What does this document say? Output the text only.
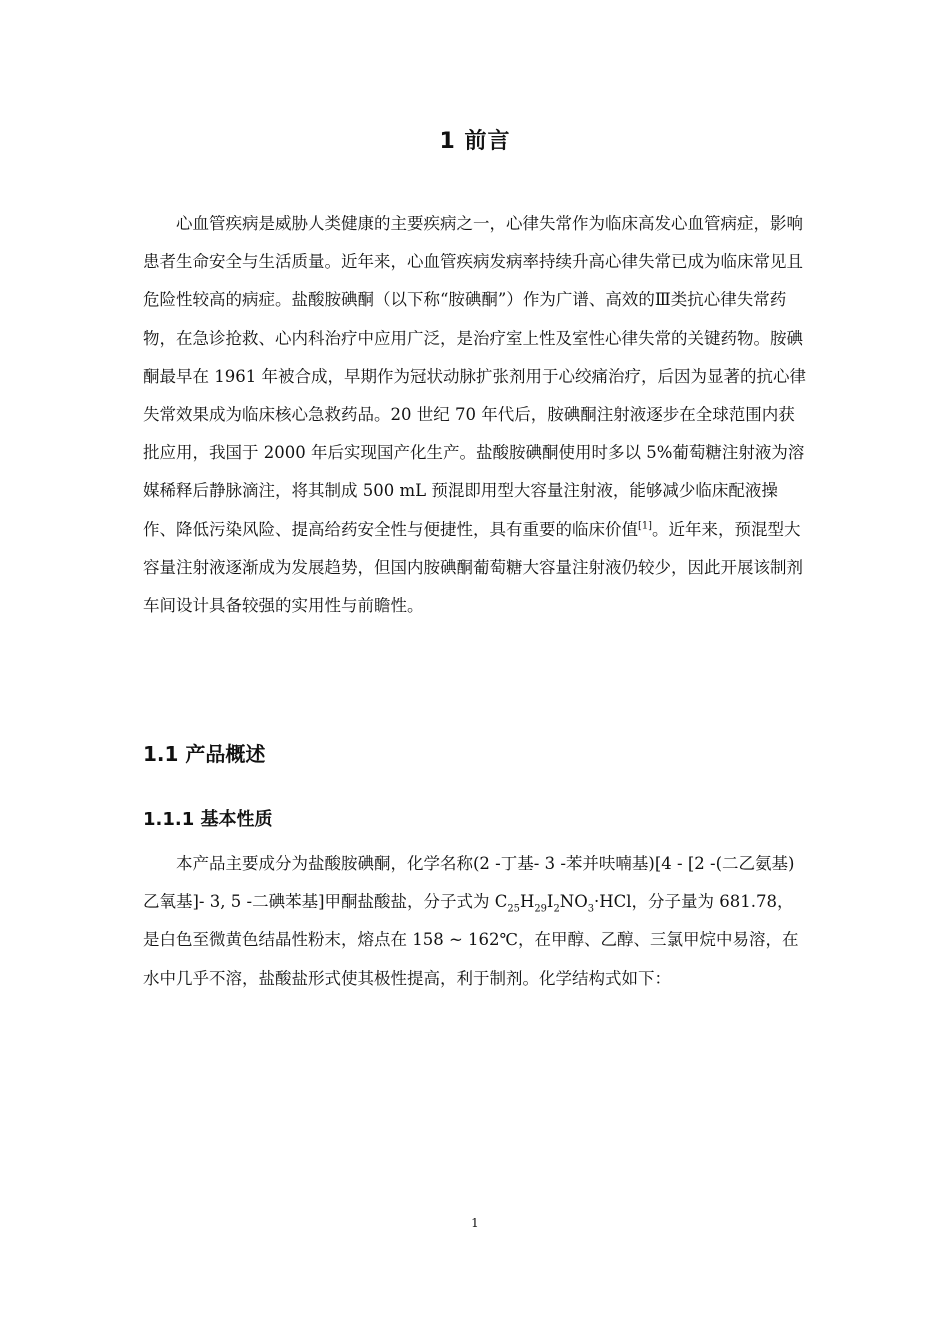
1 前言

心血管疾病是威胁人类健康的主要疾病之一，心律失常作为临床高发心血管病症，影响患者生命安全与生活质量。近年来，心血管疾病发病率持续升高心律失常已成为临床常见且危险性较高的病症。盐酸胺碘酮（以下称“胺碘酮”）作为广谱、高效的Ⅲ类抗心律失常药物，在急诊抢救、心内科治疗中应用广泛，是治疗室上性及室性心律失常的关键药物。胺碘酮最早在 1961 年被合成，早期作为冠状动脉扩张剂用于心绞痛治疗，后因为显著的抗心律失常效果成为临床核心急救药品。20 世纪 70 年代后，胺碘酮注射液逐步在全球范围内获批应用，我国于 2000 年后实现国产化生产。盐酸胺碘酮使用时多以 5%葡萄糖注射液为溶媒稀释后静脉滴注，将其制成 500 mL 预混即用型大容量注射液，能够减少临床配液操作、降低污染风险、提高给药安全性与便捷性，具有重要的临床价值[1]。近年来，预混型大容量注射液逐渐成为发展趋势，但国内胺碘酮葡萄糖大容量注射液仍较少，因此开展该制剂车间设计具备较强的实用性与前瞻性。

1.1 产品概述
1.1.1 基本性质

本产品主要成分为盐酸胺碘酮，化学名称(2 -丁基- 3 -苯并呋喃基)[4 - [2 -(二乙氨基)乙氧基]- 3, 5 -二碘苯基]甲酮盐酸盐，分子式为 $C_{25}H_{29}I_2NO_3\cdot HCl$，分子量为 681.78，是白色至微黄色结晶性粉末，熔点在 158 ~ 162℃，在甲醇、乙醇、三氯甲烷中易溶，在水中几乎不溶，盐酸盐形式使其极性提高，利于制剂。化学结构式如下：

1
